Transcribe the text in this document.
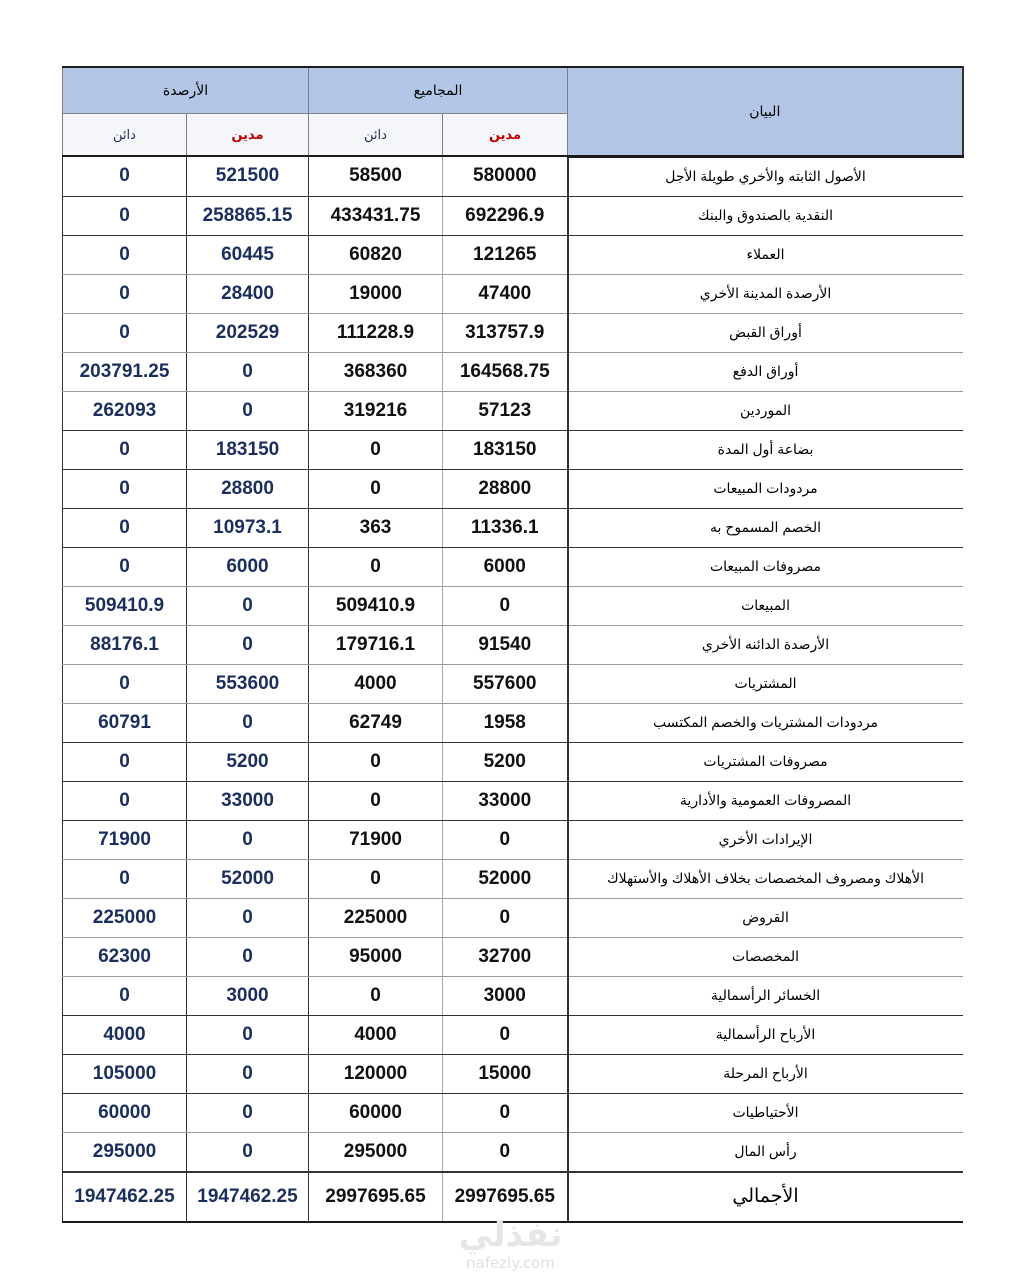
الأرصدة		المجاميع		البيان
دائن	مدين	دائن	مدين	
0	521500	58500	580000	الأصول الثابته والأخري طويلة الأجل
0	258865.15	433431.75	692296.9	النقدية بالصندوق والبنك
0	60445	60820	121265	العملاء
0	28400	19000	47400	الأرصدة المدينة الأخري
0	202529	111228.9	313757.9	أوراق القبض
203791.25	0	368360	164568.75	أوراق الدفع
262093	0	319216	57123	الموردين
0	183150	0	183150	بضاعة أول المدة
0	28800	0	28800	مردودات المبيعات
0	10973.1	363	11336.1	الخصم المسموح به
0	6000	0	6000	مصروفات المبيعات
509410.9	0	509410.9	0	المبيعات
88176.1	0	179716.1	91540	الأرصدة الدائنه الأخري
0	553600	4000	557600	المشتريات
60791	0	62749	1958	مردودات المشتريات والخصم المكتسب
0	5200	0	5200	مصروفات المشتريات
0	33000	0	33000	المصروفات العمومية والأدارية
71900	0	71900	0	الإيرادات الأخري
0	52000	0	52000	الأهلاك ومصروف المخصصات بخلاف الأهلاك والأستهلاك
225000	0	225000	0	القروض
62300	0	95000	32700	المخصصات
0	3000	0	3000	الخسائر الرأسمالية
4000	0	4000	0	الأرباح الرأسمالية
105000	0	120000	15000	الأرباح المرحلة
60000	0	60000	0	الأحتياطيات
295000	0	295000	0	رأس المال
1947462.25	1947462.25	2997695.65	2997695.65	الأجمالي
نفذلي
nafezly.com
